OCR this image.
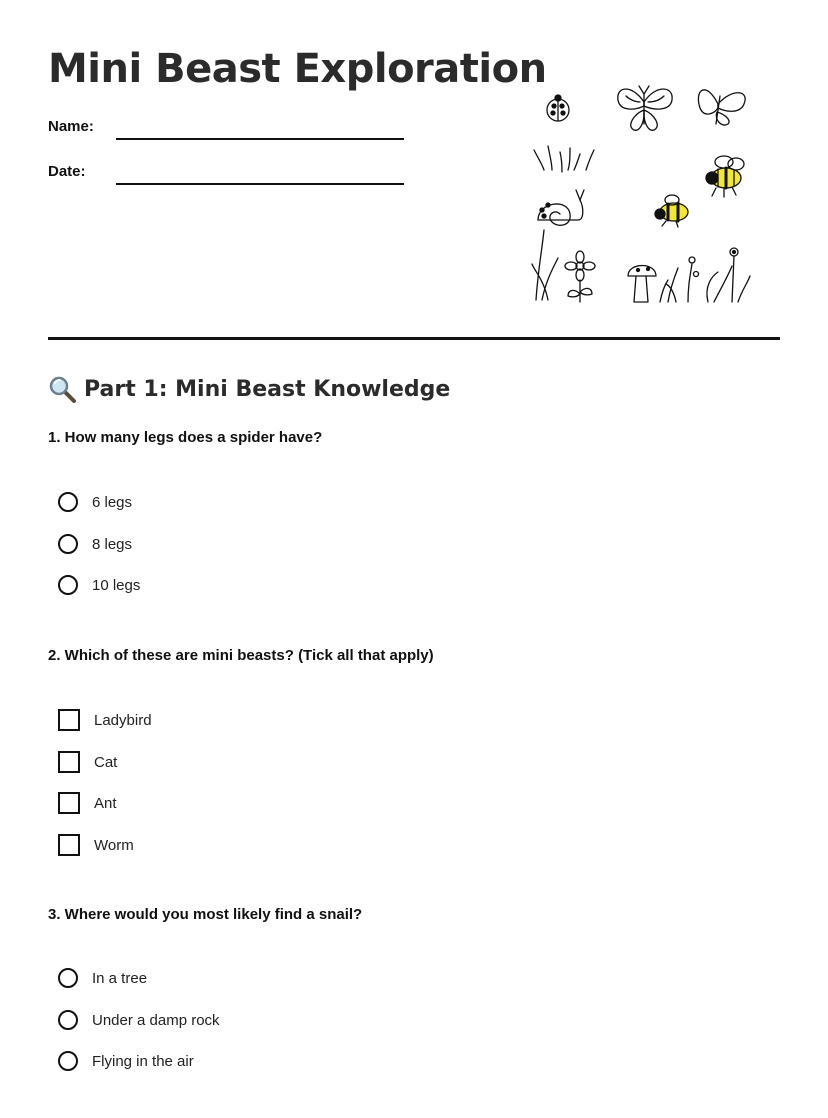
Mini Beast Exploration
Name:
Date:
Part 1: Mini Beast Knowledge
1. How many legs does a spider have?
6 legs
8 legs
10 legs
2. Which of these are mini beasts? (Tick all that apply)
Ladybird
Cat
Ant
Worm
3. Where would you most likely find a snail?
In a tree
Under a damp rock
Flying in the air
